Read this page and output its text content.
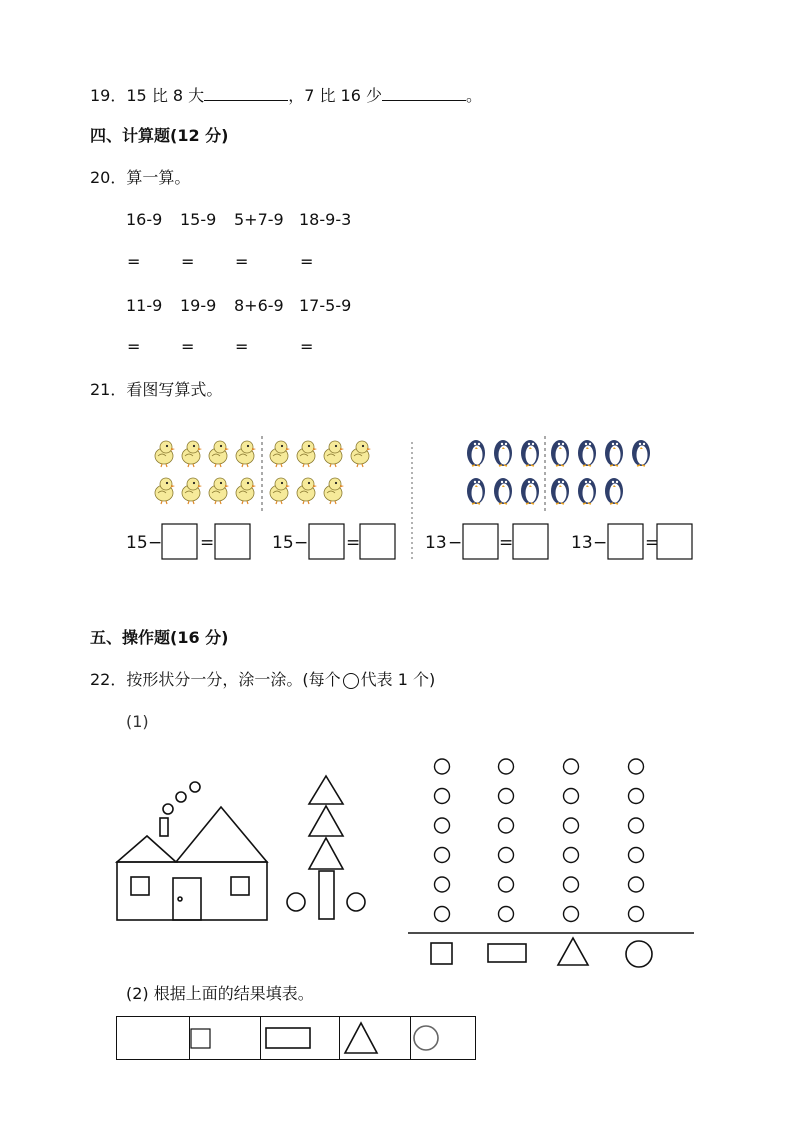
19．15 比 8 大	，7 比 16 少	。
四、计算题(12 分)
20．算一算。
16-9 15-9 5+7-9 18-9-3
=	=	=	=
11-9 19-9 8+6-9 17-5-9
=	=	=	=
21．看图写算式。
15 − =	15 − =	13 − =	13 − =
五、操作题(16 分)
22．按形状分一分，涂一涂。(每个 代表 1 个)
(1)
(2) 根据上面的结果填表。
